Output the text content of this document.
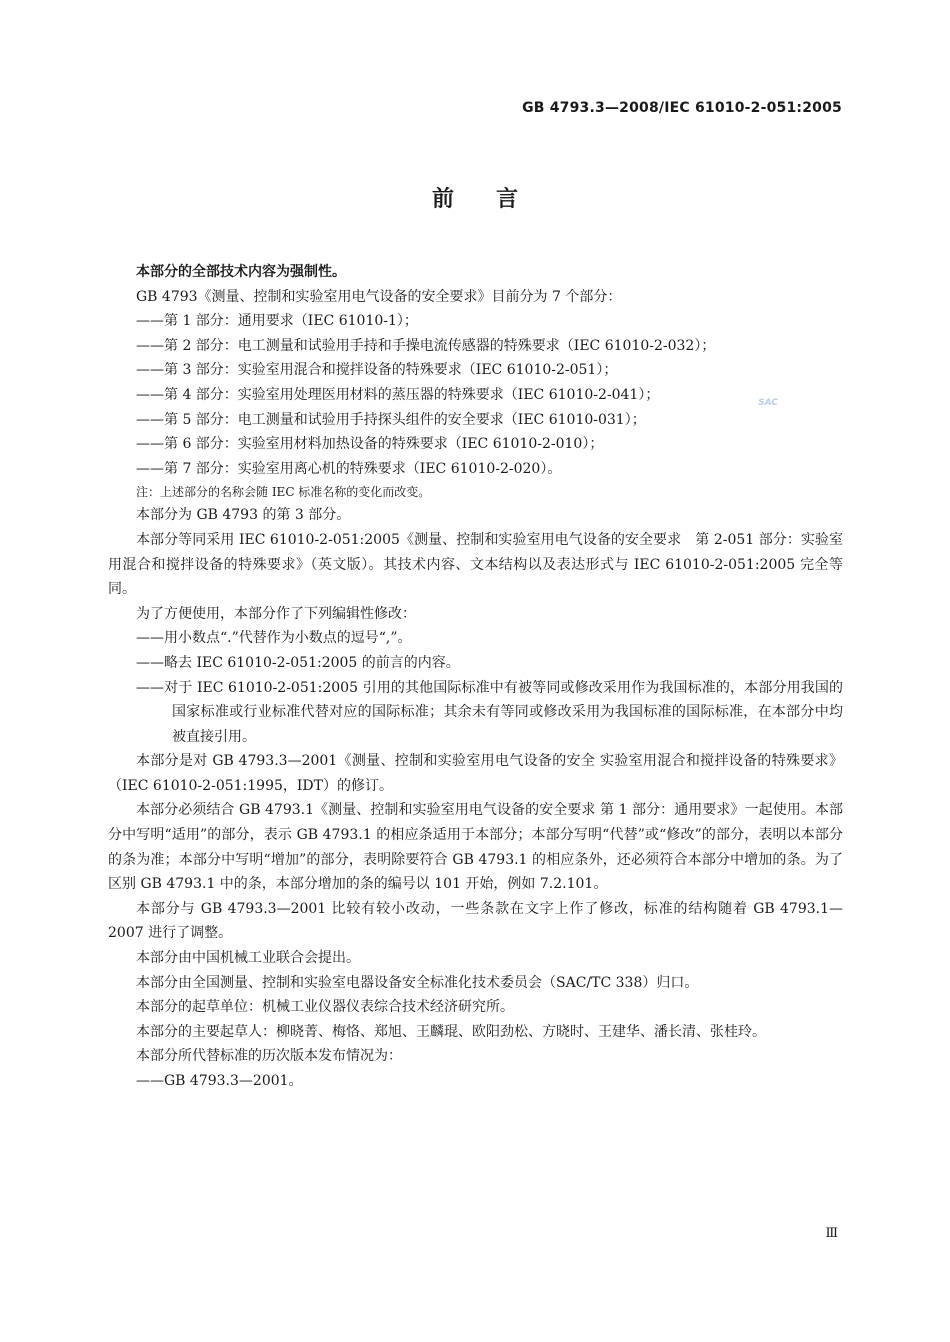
GB 4793.3—2008/IEC 61010-2-051:2005
前言
SAC

本部分的全部技术内容为强制性。

GB 4793《测量、控制和实验室用电气设备的安全要求》目前分为 7 个部分：

——第 1 部分：通用要求（IEC 61010-1）；

——第 2 部分：电工测量和试验用手持和手操电流传感器的特殊要求（IEC 61010-2-032）；

——第 3 部分：实验室用混合和搅拌设备的特殊要求（IEC 61010-2-051）；

——第 4 部分：实验室用处理医用材料的蒸压器的特殊要求（IEC 61010-2-041）；

——第 5 部分：电工测量和试验用手持探头组件的安全要求（IEC 61010-031）；

——第 6 部分：实验室用材料加热设备的特殊要求（IEC 61010-2-010）；

——第 7 部分：实验室用离心机的特殊要求（IEC 61010-2-020）。

注：上述部分的名称会随 IEC 标准名称的变化而改变。

本部分为 GB 4793 的第 3 部分。

本部分等同采用 IEC 61010-2-051:2005《测量、控制和实验室用电气设备的安全要求　第 2-051 部分：实验室用混合和搅拌设备的特殊要求》（英文版）。其技术内容、文本结构以及表达形式与 IEC 61010-2-051:2005 完全等同。

为了方便使用，本部分作了下列编辑性修改：

——用小数点“.”代替作为小数点的逗号“,”。

——略去 IEC 61010-2-051:2005 的前言的内容。

——对于 IEC 61010-2-051:2005 引用的其他国际标准中有被等同或修改采用作为我国标准的，本部分用我国的国家标准或行业标准代替对应的国际标准；其余未有等同或修改采用为我国标准的国际标准，在本部分中均被直接引用。

本部分是对 GB 4793.3—2001《测量、控制和实验室用电气设备的安全 实验室用混合和搅拌设备的特殊要求》（IEC 61010-2-051:1995，IDT）的修订。

本部分必须结合 GB 4793.1《测量、控制和实验室用电气设备的安全要求 第 1 部分：通用要求》一起使用。本部分中写明“适用”的部分，表示 GB 4793.1 的相应条适用于本部分；本部分写明“代替”或“修改”的部分，表明以本部分的条为准；本部分中写明“增加”的部分，表明除要符合 GB 4793.1 的相应条外，还必须符合本部分中增加的条。为了区别 GB 4793.1 中的条，本部分增加的条的编号以 101 开始，例如 7.2.101。

本部分与 GB 4793.3—2001 比较有较小改动，一些条款在文字上作了修改，标准的结构随着 GB 4793.1—2007 进行了调整。

本部分由中国机械工业联合会提出。

本部分由全国测量、控制和实验室电器设备安全标准化技术委员会（SAC/TC 338）归口。

本部分的起草单位：机械工业仪器仪表综合技术经济研究所。

本部分的主要起草人：柳晓菁、梅恪、郑旭、王麟琨、欧阳劲松、方晓时、王建华、潘长清、张桂玲。

本部分所代替标准的历次版本发布情况为：

——GB 4793.3—2001。

Ⅲ
